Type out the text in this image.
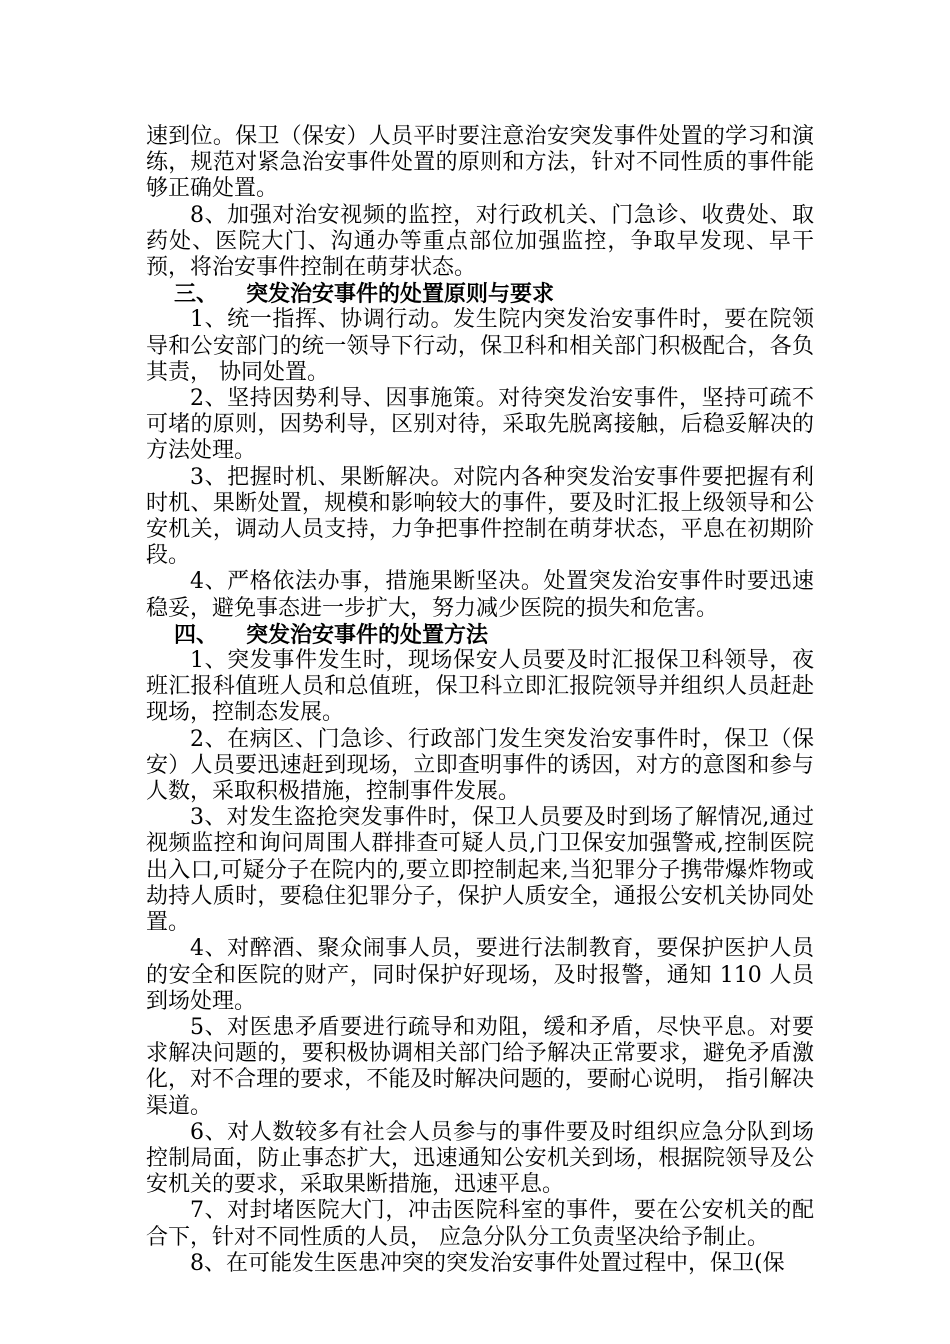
速到位。保卫（保安）人员平时要注意治安突发事件处置的学习和演练，规范对紧急治安事件处置的原则和方法，针对不同性质的事件能够正确处置。

8、加强对治安视频的监控，对行政机关、门急诊、收费处、取药处、医院大门、沟通办等重点部位加强监控，争取早发现、早干预，将治安事件控制在萌芽状态。

三、 突发治安事件的处置原则与要求

1、统一指挥、协调行动。发生院内突发治安事件时，要在院领导和公安部门的统一领导下行动，保卫科和相关部门积极配合，各负其责， 协同处置。

2、坚持因势利导、因事施策。对待突发治安事件，坚持可疏不可堵的原则，因势利导，区别对待，采取先脱离接触，后稳妥解决的方法处理。

3、把握时机、果断解决。对院内各种突发治安事件要把握有利时机、果断处置，规模和影响较大的事件，要及时汇报上级领导和公安机关，调动人员支持，力争把事件控制在萌芽状态，平息在初期阶段。

4、严格依法办事，措施果断坚决。处置突发治安事件时要迅速稳妥，避免事态进一步扩大，努力减少医院的损失和危害。

四、 突发治安事件的处置方法

1、突发事件发生时，现场保安人员要及时汇报保卫科领导，夜班汇报科值班人员和总值班，保卫科立即汇报院领导并组织人员赶赴现场，控制态发展。

2、在病区、门急诊、行政部门发生突发治安事件时，保卫（保安）人员要迅速赶到现场，立即查明事件的诱因，对方的意图和参与人数，采取积极措施，控制事件发展。

3、对发生盗抢突发事件时，保卫人员要及时到场了解情况,通过视频监控和询问周围人群排查可疑人员,门卫保安加强警戒,控制医院出入口,可疑分子在院内的,要立即控制起来,当犯罪分子携带爆炸物或劫持人质时，要稳住犯罪分子，保护人质安全，通报公安机关协同处置。

4、对醉酒、聚众闹事人员，要进行法制教育，要保护医护人员的安全和医院的财产，同时保护好现场，及时报警，通知 110 人员到场处理。

5、对医患矛盾要进行疏导和劝阻，缓和矛盾，尽快平息。对要求解决问题的，要积极协调相关部门给予解决正常要求，避免矛盾激化，对不合理的要求，不能及时解决问题的，要耐心说明， 指引解决渠道。

6、对人数较多有社会人员参与的事件要及时组织应急分队到场控制局面，防止事态扩大，迅速通知公安机关到场，根据院领导及公安机关的要求，采取果断措施，迅速平息。

7、对封堵医院大门，冲击医院科室的事件，要在公安机关的配合下，针对不同性质的人员， 应急分队分工负责坚决给予制止。

8、在可能发生医患冲突的突发治安事件处置过程中，保卫(保
